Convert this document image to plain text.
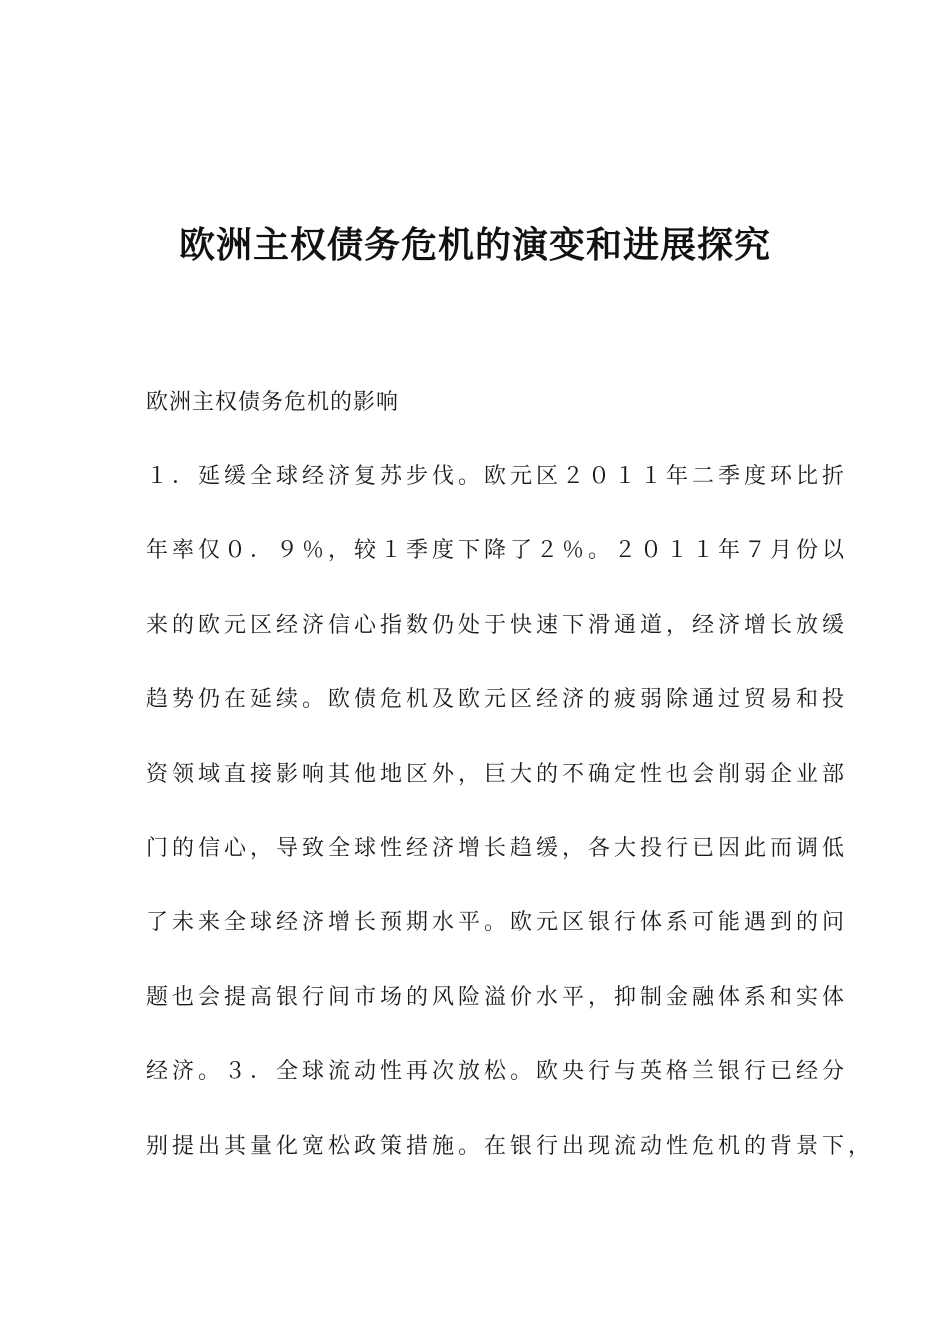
欧洲主权债务危机的演变和进展探究

欧洲主权债务危机的影响

１．延缓全球经济复苏步伐。欧元区２０１１年二季度环比折
年率仅０．９％，较１季度下降了２％。２０１１年７月份以
来的欧元区经济信心指数仍处于快速下滑通道，经济增长放缓
趋势仍在延续。欧债危机及欧元区经济的疲弱除通过贸易和投
资领域直接影响其他地区外，巨大的不确定性也会削弱企业部
门的信心，导致全球性经济增长趋缓，各大投行已因此而调低
了未来全球经济增长预期水平。欧元区银行体系可能遇到的问
题也会提高银行间市场的风险溢价水平，抑制金融体系和实体
经济。３．全球流动性再次放松。欧央行与英格兰银行已经分
别提出其量化宽松政策措施。在银行出现流动性危机的背景下，
